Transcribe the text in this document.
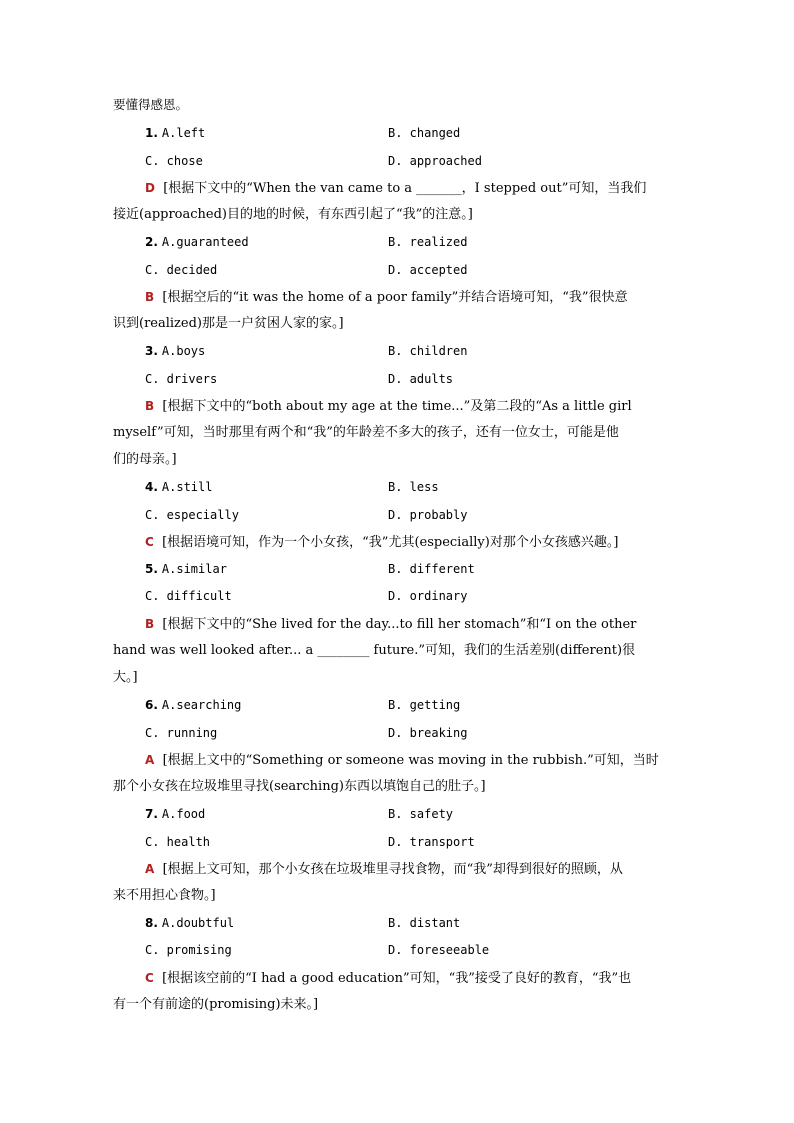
要懂得感恩。
1. A.left	B. changed
C. chose	D. approached
D [根据下文中的“When the van came to a _______，I stepped out”可知，当我们
接近(approached)目的地的时候，有东西引起了“我”的注意。]
2. A.guaranteed	B. realized
C. decided	D. accepted
B [根据空后的“it was the home of a poor family”并结合语境可知，“我”很快意
识到(realized)那是一户贫困人家的家。]
3. A.boys	B. children
C. drivers	D. adults
B [根据下文中的“both about my age at the time...”及第二段的“As a little girl
myself”可知，当时那里有两个和“我”的年龄差不多大的孩子，还有一位女士，可能是他
们的母亲。]
4. A.still	B. less
C. especially	D. probably
C [根据语境可知，作为一个小女孩，“我”尤其(especially)对那个小女孩感兴趣。]
5. A.similar	B. different
C. difficult	D. ordinary
B [根据下文中的“She lived for the day...to fill her stomach”和“I on the other
hand was well looked after... a ________ future.”可知，我们的生活差别(different)很
大。]
6. A.searching	B. getting
C. running	D. breaking
A [根据上文中的“Something or someone was moving in the rubbish.”可知，当时
那个小女孩在垃圾堆里寻找(searching)东西以填饱自己的肚子。]
7. A.food	B. safety
C. health	D. transport
A [根据上文可知，那个小女孩在垃圾堆里寻找食物，而“我”却得到很好的照顾，从
来不用担心食物。]
8. A.doubtful	B. distant
C. promising	D. foreseeable
C [根据该空前的“I had a good education”可知，“我”接受了良好的教育，“我”也
有一个有前途的(promising)未来。]
